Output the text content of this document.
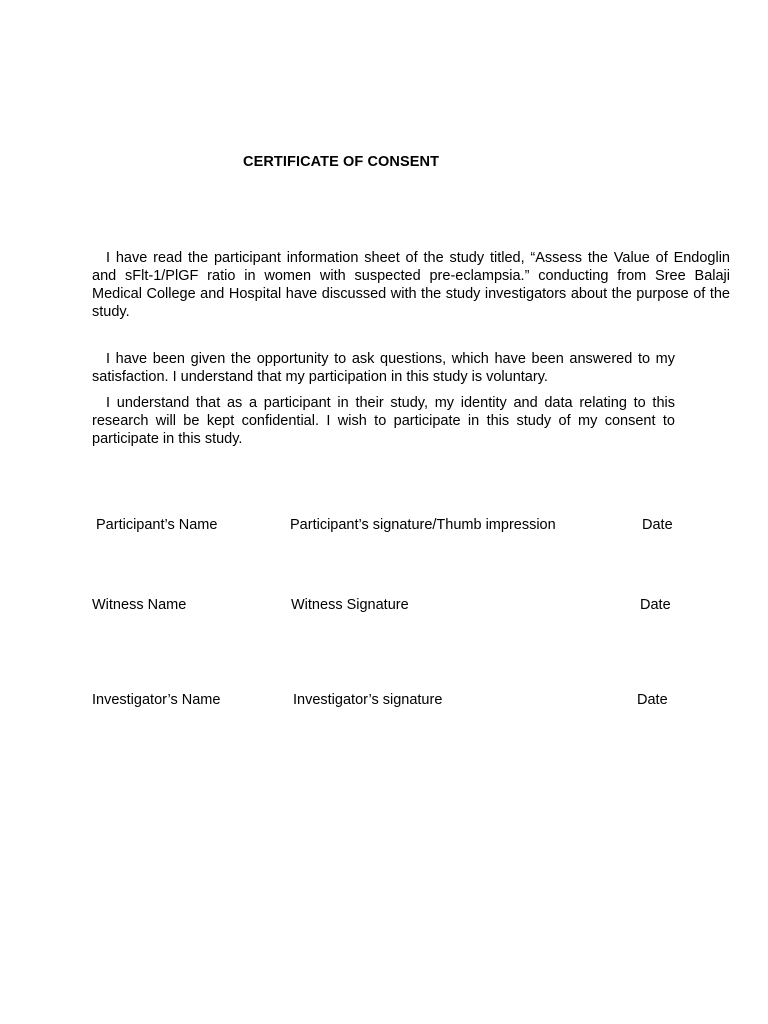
CERTIFICATE OF CONSENT

I have read the participant information sheet of the study titled, “Assess the Value of Endoglin and sFlt-1/PlGF ratio in women with suspected pre-eclampsia.” conducting from Sree Balaji Medical College and Hospital have discussed with the study investigators about the purpose of the study.

I have been given the opportunity to ask questions, which have been answered to my satisfaction. I understand that my participation in this study is voluntary.

I understand that as a participant in their study, my identity and data relating to this research will be kept confidential. I wish to participate in this study of my consent to participate in this study.

Participant’s Name	Participant’s signature/Thumb impression	Date
Witness Name	Witness Signature	Date
Investigator’s Name	Investigator’s signature	Date
